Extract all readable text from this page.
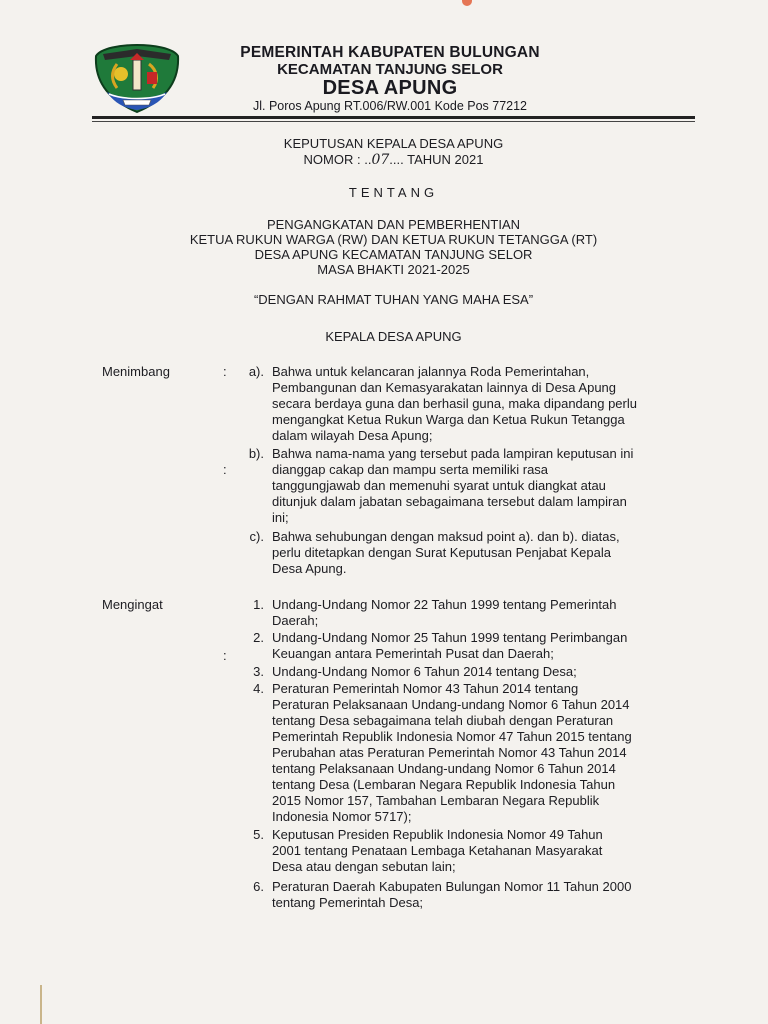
PEMERINTAH KABUPATEN BULUNGAN
KECAMATAN TANJUNG SELOR
DESA APUNG
Jl. Poros Apung RT.006/RW.001 Kode Pos 77212
KEPUTUSAN KEPALA DESA APUNG
NOMOR : ..07.... TAHUN 2021
TENTANG
PENGANGKATAN DAN PEMBERHENTIAN
KETUA RUKUN WARGA (RW) DAN KETUA RUKUN TETANGGA (RT)
DESA APUNG KECAMATAN TANJUNG SELOR
MASA BHAKTI 2021-2025
“DENGAN RAHMAT TUHAN YANG MAHA ESA”
KEPALA DESA APUNG
Menimbang	:
:
a). Bahwa untuk kelancaran jalannya Roda Pemerintahan,
Pembangunan dan Kemasyarakatan lainnya di Desa Apung
secara berdaya guna dan berhasil guna, maka dipandang perlu
mengangkat Ketua Rukun Warga dan Ketua Rukun Tetangga
dalam wilayah Desa Apung;
b). Bahwa nama-nama yang tersebut pada lampiran keputusan ini
dianggap cakap dan mampu serta memiliki rasa
tanggungjawab dan memenuhi syarat untuk diangkat atau
ditunjuk dalam jabatan sebagaimana tersebut dalam lampiran
ini;
c). Bahwa sehubungan dengan maksud point a). dan b). diatas,
perlu ditetapkan dengan Surat Keputusan Penjabat Kepala
Desa Apung.
Mengingat
:
1. Undang-Undang Nomor 22 Tahun 1999 tentang Pemerintah
Daerah;
2. Undang-Undang Nomor 25 Tahun 1999 tentang Perimbangan
Keuangan antara Pemerintah Pusat dan Daerah;
3. Undang-Undang Nomor 6 Tahun 2014 tentang Desa;
4. Peraturan Pemerintah Nomor 43 Tahun 2014 tentang
Peraturan Pelaksanaan Undang-undang Nomor 6 Tahun 2014
tentang Desa sebagaimana telah diubah dengan Peraturan
Pemerintah Republik Indonesia Nomor 47 Tahun 2015 tentang
Perubahan atas Peraturan Pemerintah Nomor 43 Tahun 2014
tentang Pelaksanaan Undang-undang Nomor 6 Tahun 2014
tentang Desa (Lembaran Negara Republik Indonesia Tahun
2015 Nomor 157, Tambahan Lembaran Negara Republik
Indonesia Nomor 5717);
5. Keputusan Presiden Republik Indonesia Nomor 49 Tahun
2001 tentang Penataan Lembaga Ketahanan Masyarakat
Desa atau dengan sebutan lain;
6. Peraturan Daerah Kabupaten Bulungan Nomor 11 Tahun 2000
tentang Pemerintah Desa;
